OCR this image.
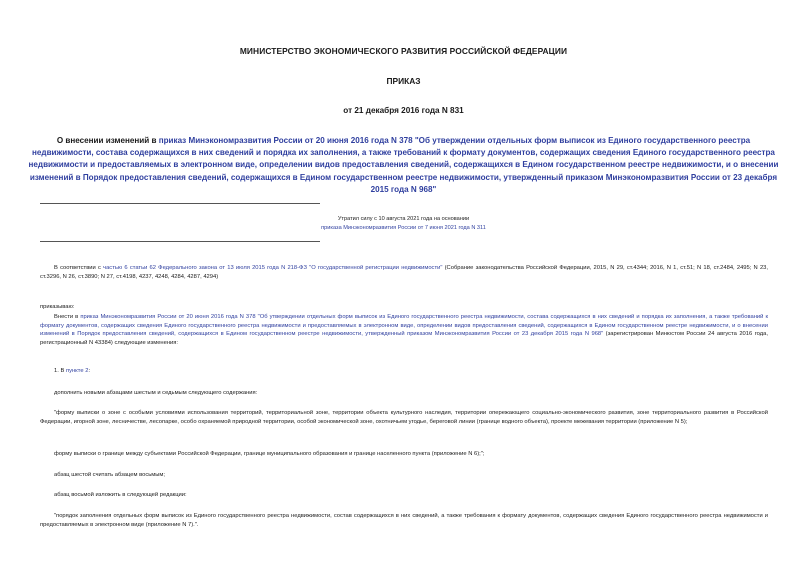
МИНИСТЕРСТВО ЭКОНОМИЧЕСКОГО РАЗВИТИЯ РОССИЙСКОЙ ФЕДЕРАЦИИ
ПРИКАЗ
от 21 декабря 2016 года N 831
О внесении изменений в приказ Минэкономразвития России от 20 июня 2016 года N 378 "Об утверждении отдельных форм выписок из Единого государственного реестра недвижимости, состава содержащихся в них сведений и порядка их заполнения, а также требований к формату документов, содержащих сведения Единого государственного реестра недвижимости и предоставляемых в электронном виде, определении видов предоставления сведений, содержащихся в Едином государственном реестре недвижимости, и о внесении изменений в Порядок предоставления сведений, содержащихся в Едином государственном реестре недвижимости, утвержденный приказом Минэкономразвития России от 23 декабря 2015 года N 968"
Утратил силу с 10 августа 2021 года на основании
приказа Минэкономразвития России от 7 июня 2021 года N 311
В соответствии с частью 6 статьи 62 Федерального закона от 13 июля 2015 года N 218-ФЗ "О государственной регистрации недвижимости" (Собрание законодательства Российской Федерации, 2015, N 29, ст.4344; 2016, N 1, ст.51; N 18, ст.2484, 2495; N 23, ст.3296, N 26, ст.3890; N 27, ст.4198, 4237, 4248, 4284, 4287, 4294)
приказываю:
Внести в приказ Минэкономразвития России от 20 июня 2016 года N 378 "Об утверждении отдельных форм выписок из Единого государственного реестра недвижимости, состава содержащихся в них сведений и порядка их заполнения, а также требований к формату документов, содержащих сведения Единого государственного реестра недвижимости и предоставляемых в электронном виде, определении видов предоставления сведений, содержащихся в Едином государственном реестре недвижимости, и о внесении изменений в Порядок предоставления сведений, содержащихся в Едином государственном реестре недвижимости, утвержденный приказом Минэкономразвития России от 23 декабря 2015 года N 968" (зарегистрирован Минюстом России 24 августа 2016 года, регистрационный N 43384) следующие изменения:
1. В пункте 2:
дополнить новыми абзацами шестым и седьмым следующего содержания:
"форму выписки о зоне с особыми условиями использования территорий, территориальной зоне, территории объекта культурного наследия, территории опережающего социально-экономического развития, зоне территориального развития в Российской Федерации, игорной зоне, лесничестве, лесопарке, особо охраняемой природной территории, особой экономической зоне, охотничьем угодье, береговой линии (границе водного объекта), проекте межевания территории (приложение N 5);
форму выписки о границе между субъектами Российской Федерации, границе муниципального образования и границе населенного пункта (приложение N 6);";
абзац шестой считать абзацем восьмым;
абзац восьмой изложить в следующей редакции:
"порядок заполнения отдельных форм выписок из Единого государственного реестра недвижимости, состав содержащихся в них сведений, а также требования к формату документов, содержащих сведения Единого государственного реестра недвижимости и предоставляемых в электронном виде (приложение N 7).".
